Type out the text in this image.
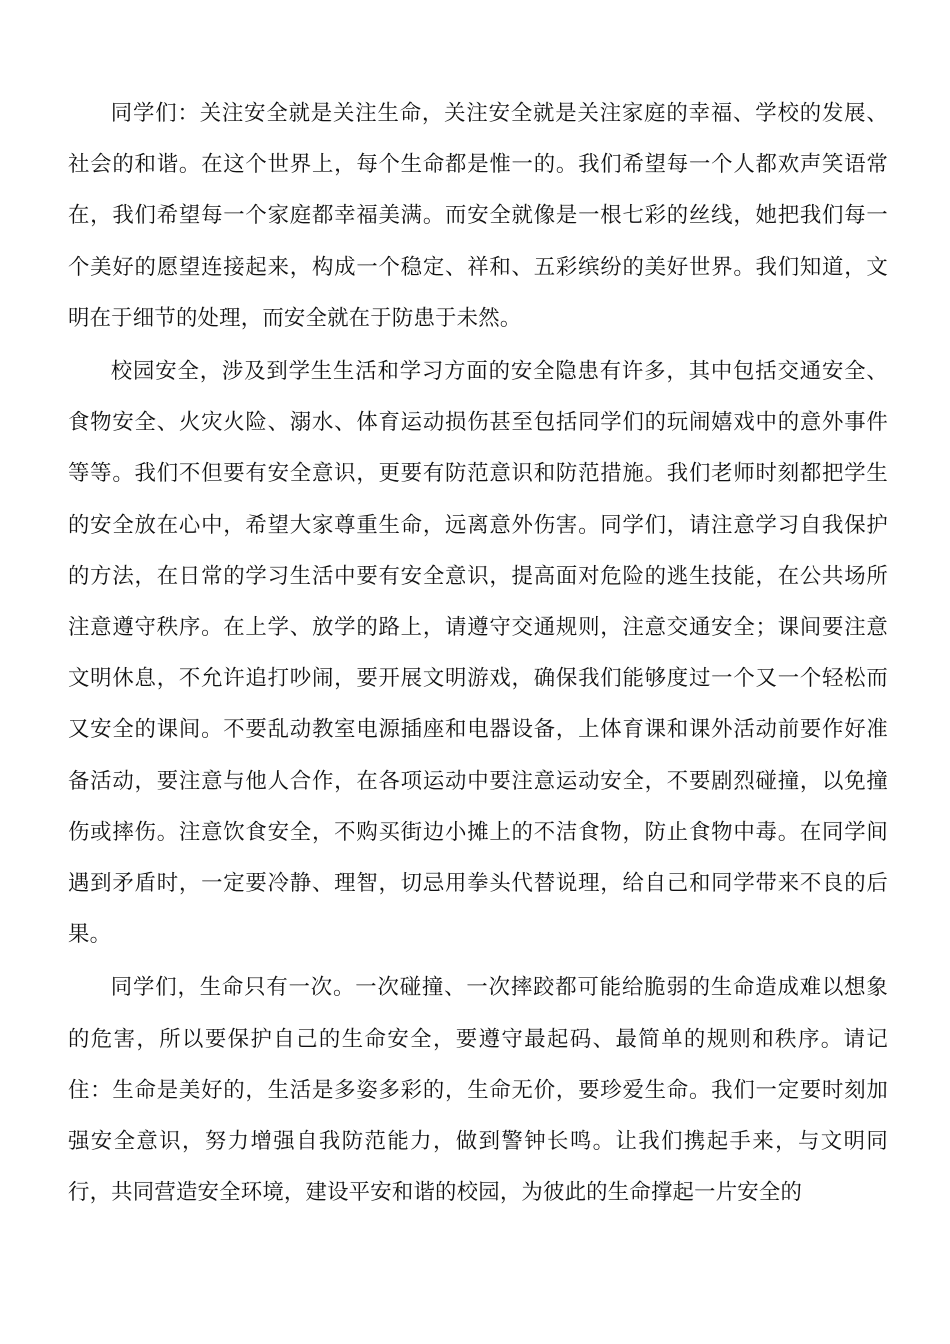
同学们：关注安全就是关注生命，关注安全就是关注家庭的幸福、学校的发展、社会的和谐。在这个世界上，每个生命都是惟一的。我们希望每一个人都欢声笑语常在，我们希望每一个家庭都幸福美满。而安全就像是一根七彩的丝线，她把我们每一个美好的愿望连接起来，构成一个稳定、祥和、五彩缤纷的美好世界。我们知道，文明在于细节的处理，而安全就在于防患于未然。

校园安全，涉及到学生生活和学习方面的安全隐患有许多，其中包括交通安全、食物安全、火灾火险、溺水、体育运动损伤甚至包括同学们的玩闹嬉戏中的意外事件等等。我们不但要有安全意识，更要有防范意识和防范措施。我们老师时刻都把学生的安全放在心中，希望大家尊重生命，远离意外伤害。同学们，请注意学习自我保护的方法，在日常的学习生活中要有安全意识，提高面对危险的逃生技能，在公共场所注意遵守秩序。在上学、放学的路上，请遵守交通规则，注意交通安全；课间要注意文明休息，不允许追打吵闹，要开展文明游戏，确保我们能够度过一个又一个轻松而又安全的课间。不要乱动教室电源插座和电器设备，上体育课和课外活动前要作好准备活动，要注意与他人合作，在各项运动中要注意运动安全，不要剧烈碰撞，以免撞伤或摔伤。注意饮食安全，不购买街边小摊上的不洁食物，防止食物中毒。在同学间遇到矛盾时，一定要冷静、理智，切忌用拳头代替说理，给自己和同学带来不良的后果。

同学们，生命只有一次。一次碰撞、一次摔跤都可能给脆弱的生命造成难以想象的危害，所以要保护自己的生命安全，要遵守最起码、最简单的规则和秩序。请记住：生命是美好的，生活是多姿多彩的，生命无价，要珍爱生命。我们一定要时刻加强安全意识，努力增强自我防范能力，做到警钟长鸣。让我们携起手来，与文明同行，共同营造安全环境，建设平安和谐的校园，为彼此的生命撑起一片安全的
